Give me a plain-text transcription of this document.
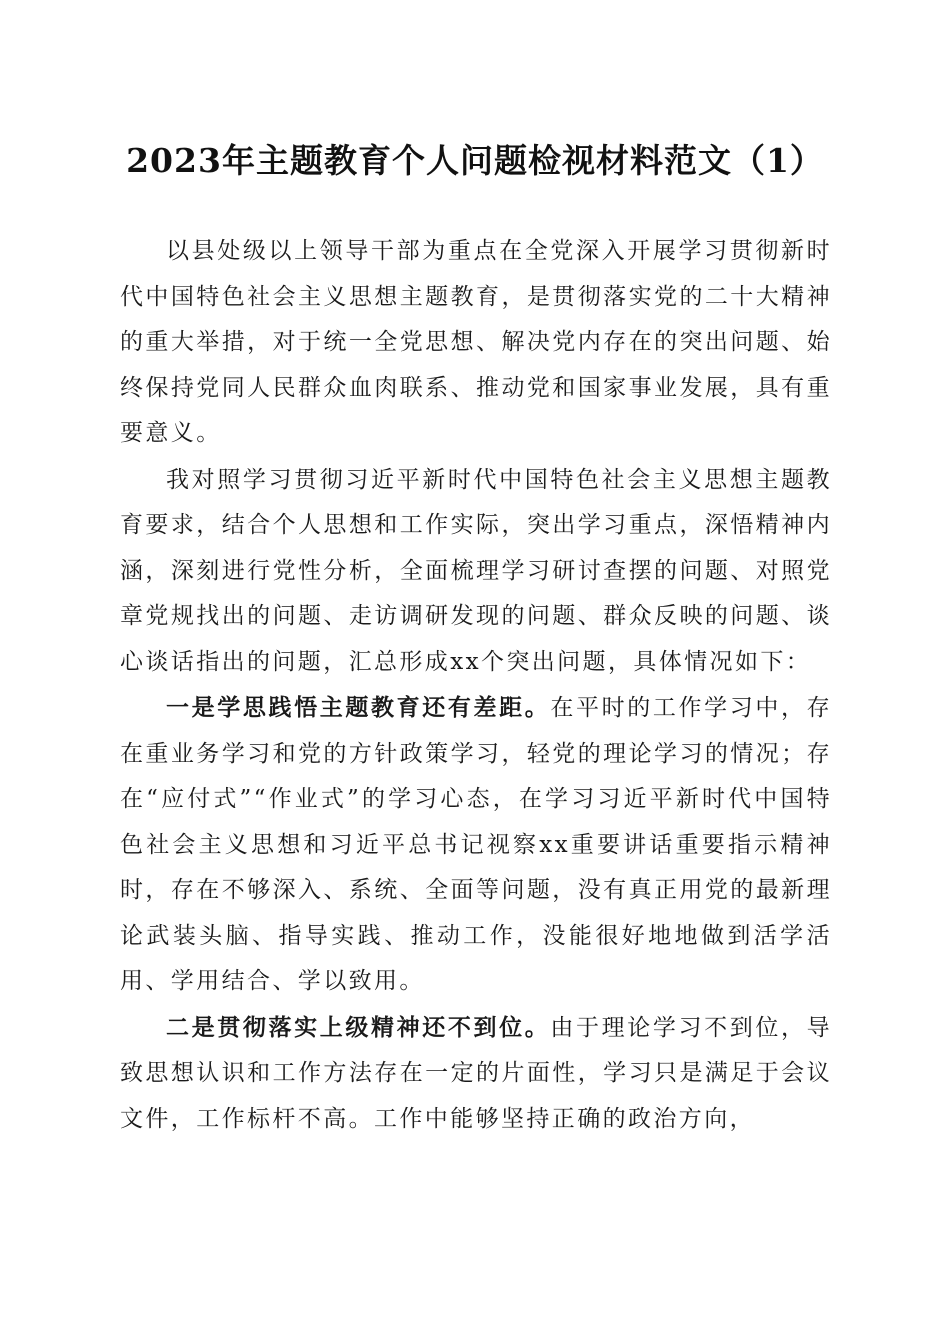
2023年主题教育个人问题检视材料范文（1）

以县处级以上领导干部为重点在全党深入开展学习贯彻新时代中国特色社会主义思想主题教育，是贯彻落实党的二十大精神的重大举措，对于统一全党思想、解决党内存在的突出问题、始终保持党同人民群众血肉联系、推动党和国家事业发展，具有重要意义。

我对照学习贯彻习近平新时代中国特色社会主义思想主题教育要求，结合个人思想和工作实际，突出学习重点，深悟精神内涵，深刻进行党性分析，全面梳理学习研讨查摆的问题、对照党章党规找出的问题、走访调研发现的问题、群众反映的问题、谈心谈话指出的问题，汇总形成xx个突出问题，具体情况如下：

一是学思践悟主题教育还有差距。在平时的工作学习中，存在重业务学习和党的方针政策学习，轻党的理论学习的情况；存在“应付式”“作业式”的学习心态，在学习习近平新时代中国特色社会主义思想和习近平总书记视察xx重要讲话重要指示精神时，存在不够深入、系统、全面等问题，没有真正用党的最新理论武装头脑、指导实践、推动工作，没能很好地地做到活学活用、学用结合、学以致用。

二是贯彻落实上级精神还不到位。由于理论学习不到位，导致思想认识和工作方法存在一定的片面性，学习只是满足于会议文件，工作标杆不高。工作中能够坚持正确的政治方向，
